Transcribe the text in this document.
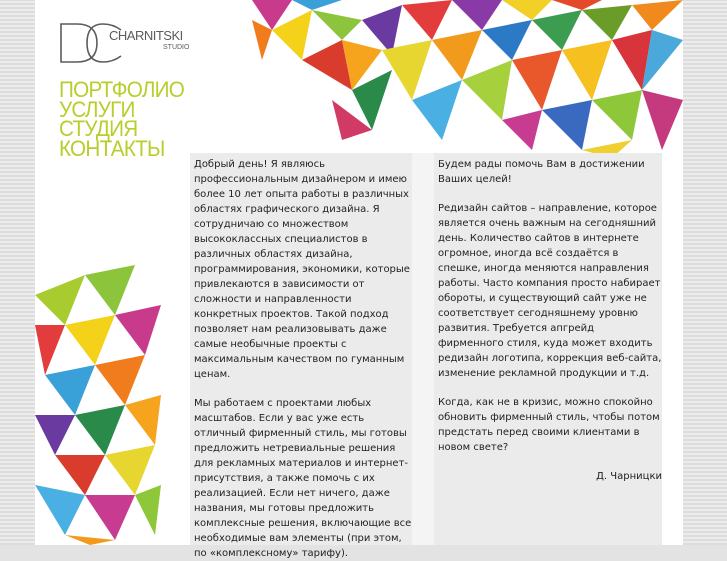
CHARNITSKI
STUDIO
ПОРТФОЛИО
УСЛУГИ
СТУДИЯ
КОНТАКТЫ

Добрый день! Я являюсь профессиональным дизайнером и имею более 10 лет опыта работы в различных областях графического дизайна. Я сотрудничаю со множеством высококлассных специалистов в различных областях дизайна, программирования, экономики, которые привлекаются в зависимости от сложности и направленности конкретных проектов. Такой подход позволяет нам реализовывать даже самые необычные проекты с максимальным качеством по гуманным ценам.

Мы работаем с проектами любых масштабов. Если у вас уже есть отличный фирменный стиль, мы готовы предложить нетревиальные решения для рекламных материалов и интернет-присутствия, а также помочь с их реализацией. Если нет ничего, даже названия, мы готовы предложить комплексные решения, включающие все необходимые вам элементы (при этом, по «комплексному» тарифу).

Будем рады помочь Вам в достижении Ваших целей!

Редизайн сайтов – направление, которое является очень важным на сегодняшний день. Количество сайтов в интернете огромное, иногда всё создаётся в спешке, иногда меняются направления работы. Часто компания просто набирает обороты, и существующий сайт уже не соответствует сегодняшнему уровню развития. Требуется апгрейд фирменного стиля, куда может входить редизайн логотипа, коррекция веб-сайта, изменение рекламной продукции и т.д.

Когда, как не в кризис, можно спокойно обновить фирменный стиль, чтобы потом предстать перед своими клиентами в новом свете?

Д. Чарницки
